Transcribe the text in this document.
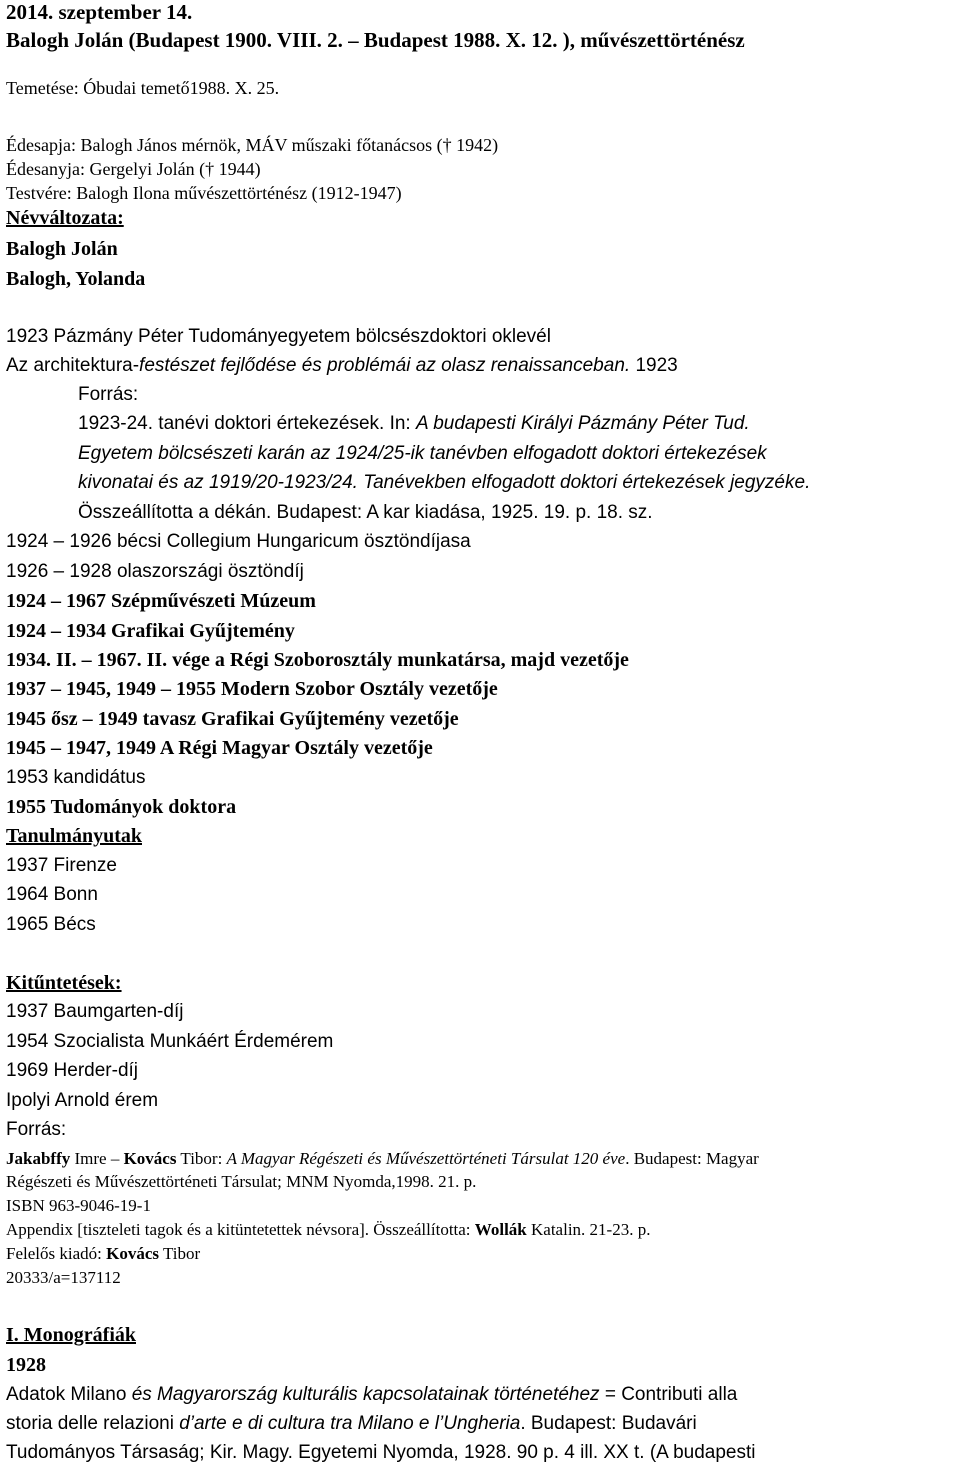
2014. szeptember 14.
Balogh Jolán (Budapest 1900. VIII. 2. – Budapest 1988. X. 12. ), művészettörténész
Temetése: Óbudai temető1988. X. 25.
Édesapja: Balogh János mérnök, MÁV műszaki főtanácsos († 1942)
Édesanyja: Gergelyi Jolán († 1944)
Testvére: Balogh Ilona művészettörténész (1912-1947)
Névváltozata:
Balogh Jolán
Balogh, Yolanda
1923 Pázmány Péter Tudományegyetem bölcsészdoktori oklevél
Az architektura-festészet fejlődése és problémái az olasz renaissanceban. 1923
Forrás:
1923-24. tanévi doktori értekezések. In: A budapesti Királyi Pázmány Péter Tud.
Egyetem bölcsészeti karán az 1924/25-ik tanévben elfogadott doktori értekezések
kivonatai és az 1919/20-1923/24. Tanévekben elfogadott doktori értekezések jegyzéke.
Összeállította a dékán. Budapest: A kar kiadása, 1925. 19. p. 18. sz.
1924 – 1926 bécsi Collegium Hungaricum ösztöndíjasa
1926 – 1928 olaszországi ösztöndíj
1924 – 1967 Szépművészeti Múzeum
1924 – 1934 Grafikai Gyűjtemény
1934. II. – 1967. II. vége a Régi Szoborosztály munkatársa, majd vezetője
1937 – 1945, 1949 – 1955 Modern Szobor Osztály vezetője
1945 ősz – 1949 tavasz Grafikai Gyűjtemény vezetője
1945 – 1947, 1949 A Régi Magyar Osztály vezetője
1953 kandidátus
1955 Tudományok doktora
Tanulmányutak
1937 Firenze
1964 Bonn
1965 Bécs
Kitűntetések:
1937 Baumgarten-díj
1954 Szocialista Munkáért Érdemérem
1969 Herder-díj
Ipolyi Arnold érem
Forrás:
Jakabffy Imre – Kovács Tibor: A Magyar Régészeti és Művészettörténeti Társulat 120 éve. Budapest: Magyar
Régészeti és Művészettörténeti Társulat; MNM Nyomda,1998. 21. p.
ISBN 963-9046-19-1
Appendix [tiszteleti tagok és a kitüntetettek névsora]. Összeállította: Wollák Katalin. 21-23. p.
Felelős kiadó: Kovács Tibor
20333/a=137112
I. Monográfiák
1928
Adatok Milano és Magyarország kulturális kapcsolatainak történetéhez = Contributi alla
storia delle relazioni d’arte e di cultura tra Milano e l’Ungheria. Budapest: Budavári
Tudományos Társaság; Kir. Magy. Egyetemi Nyomda, 1928. 90 p. 4 ill. XX t. (A budapesti
